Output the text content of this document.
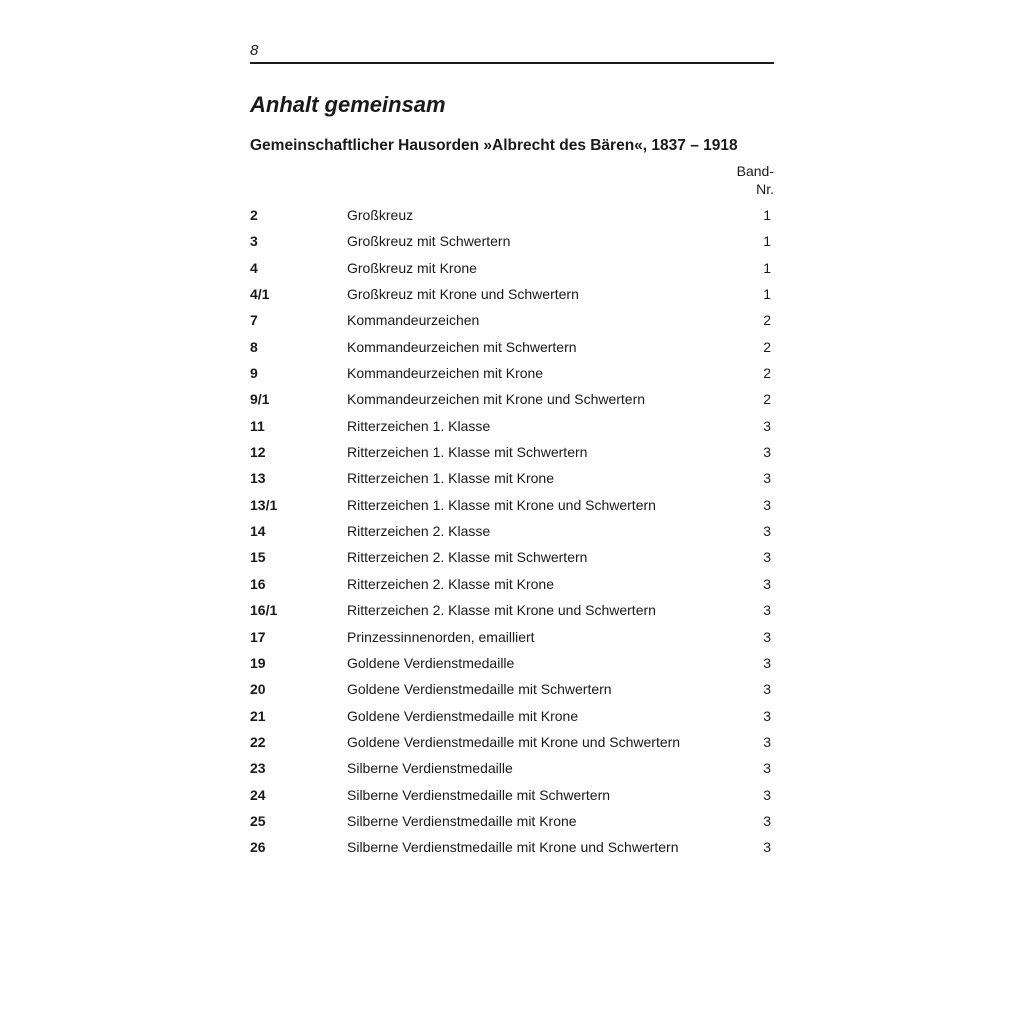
8
Anhalt gemeinsam
Gemeinschaftlicher Hausorden »Albrecht des Bären«, 1837 – 1918
Band-
Nr.
2	Großkreuz	1
3	Großkreuz mit Schwertern	1
4	Großkreuz mit Krone	1
4/1	Großkreuz mit Krone und Schwertern	1
7	Kommandeurzeichen	2
8	Kommandeurzeichen mit Schwertern	2
9	Kommandeurzeichen mit Krone	2
9/1	Kommandeurzeichen mit Krone und Schwertern	2
11	Ritterzeichen 1. Klasse	3
12	Ritterzeichen 1. Klasse mit Schwertern	3
13	Ritterzeichen 1. Klasse mit Krone	3
13/1	Ritterzeichen 1. Klasse mit Krone und Schwertern	3
14	Ritterzeichen 2. Klasse	3
15	Ritterzeichen 2. Klasse mit Schwertern	3
16	Ritterzeichen 2. Klasse mit Krone	3
16/1	Ritterzeichen 2. Klasse mit Krone und Schwertern	3
17	Prinzessinnenorden, emailliert	3
19	Goldene Verdienstmedaille	3
20	Goldene Verdienstmedaille mit Schwertern	3
21	Goldene Verdienstmedaille mit Krone	3
22	Goldene Verdienstmedaille mit Krone und Schwertern	3
23	Silberne Verdienstmedaille	3
24	Silberne Verdienstmedaille mit Schwertern	3
25	Silberne Verdienstmedaille mit Krone	3
26	Silberne Verdienstmedaille mit Krone und Schwertern	3
